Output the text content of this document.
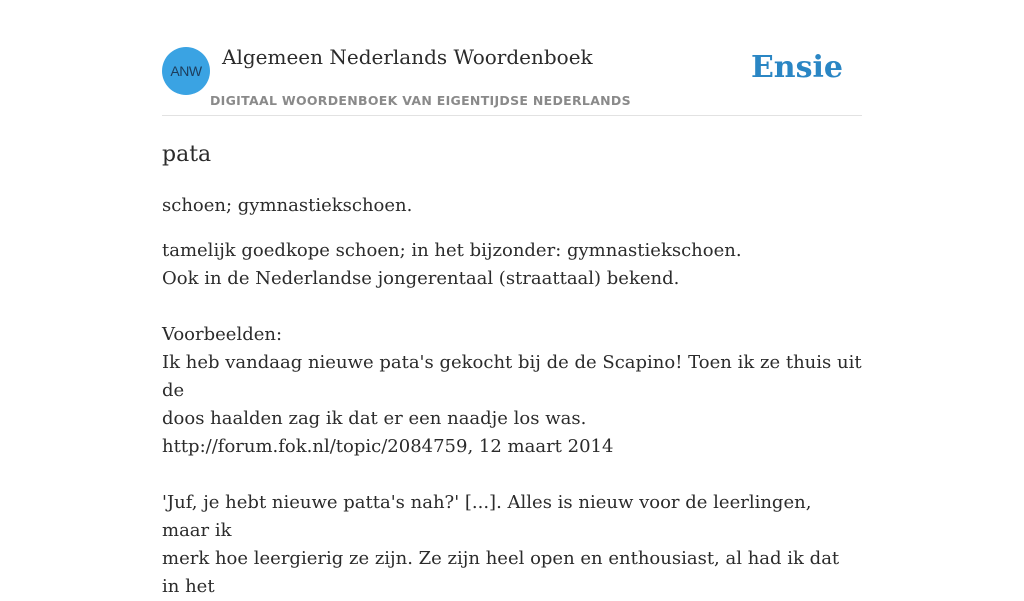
ANW
Algemeen Nederlands Woordenboek
DIGITAAL WOORDENBOEK VAN EIGENTIJDSE NEDERLANDS
Ensie
pata

schoen; gymnastiekschoen.

tamelijk goedkope schoen; in het bijzonder: gymnastiekschoen.
Ook in de Nederlandse jongerentaal (straattaal) bekend.
Voorbeelden:
Ik heb vandaag nieuwe pata's gekocht bij de de Scapino! Toen ik ze thuis uit de
doos haalden zag ik dat er een naadje los was.
http://forum.fok.nl/topic/2084759, 12 maart 2014
'Juf, je hebt nieuwe patta's nah?' [...]. Alles is nieuw voor de leerlingen, maar ik
merk hoe leergierig ze zijn. Ze zijn heel open en enthousiast, al had ik dat in het
